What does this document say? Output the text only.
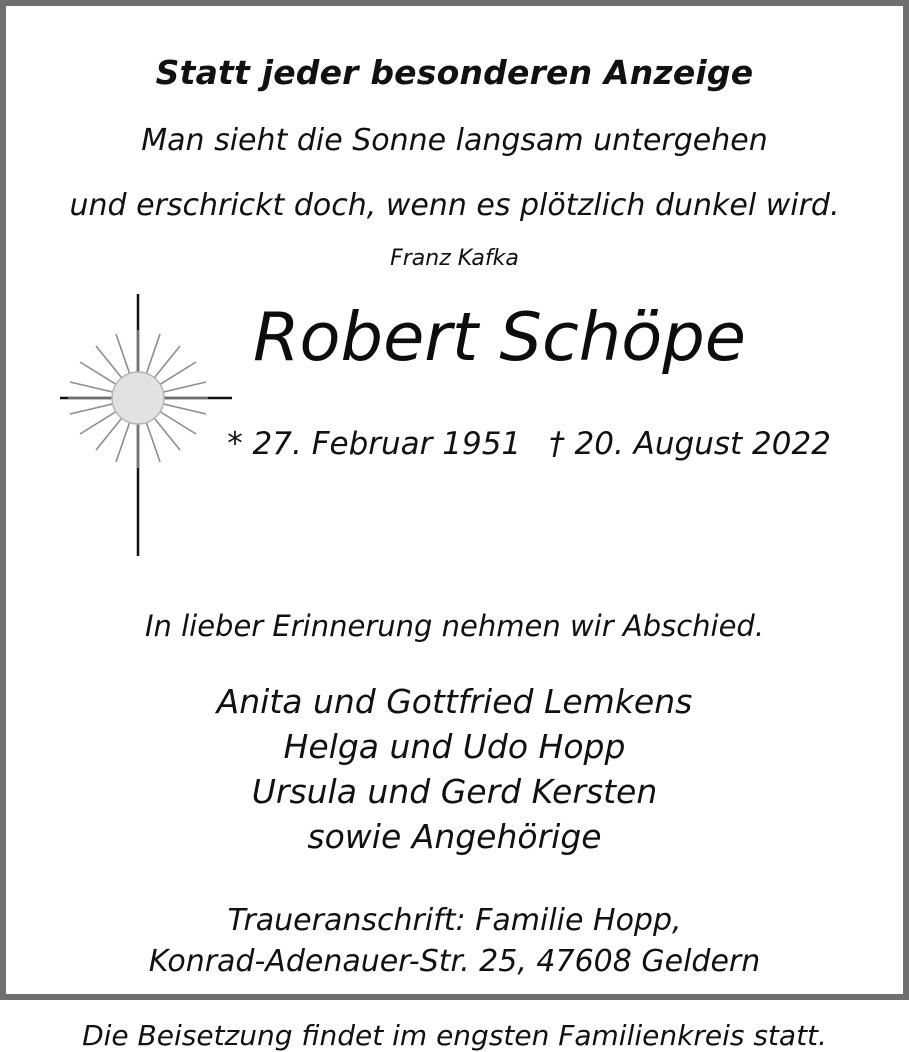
Statt jeder besonderen Anzeige
Man sieht die Sonne langsam untergehen
und erschrickt doch, wenn es plötzlich dunkel wird.
Franz Kafka
Robert Schöpe

* 27. Februar 1951 † 20. August 2022

In lieber Erinnerung nehmen wir Abschied.
Anita und Gottfried Lemkens
Helga und Udo Hopp
Ursula und Gerd Kersten
sowie Angehörige
Traueranschrift: Familie Hopp,
Konrad-Adenauer-Str. 25, 47608 Geldern
Die Beisetzung findet im engsten Familienkreis statt.
